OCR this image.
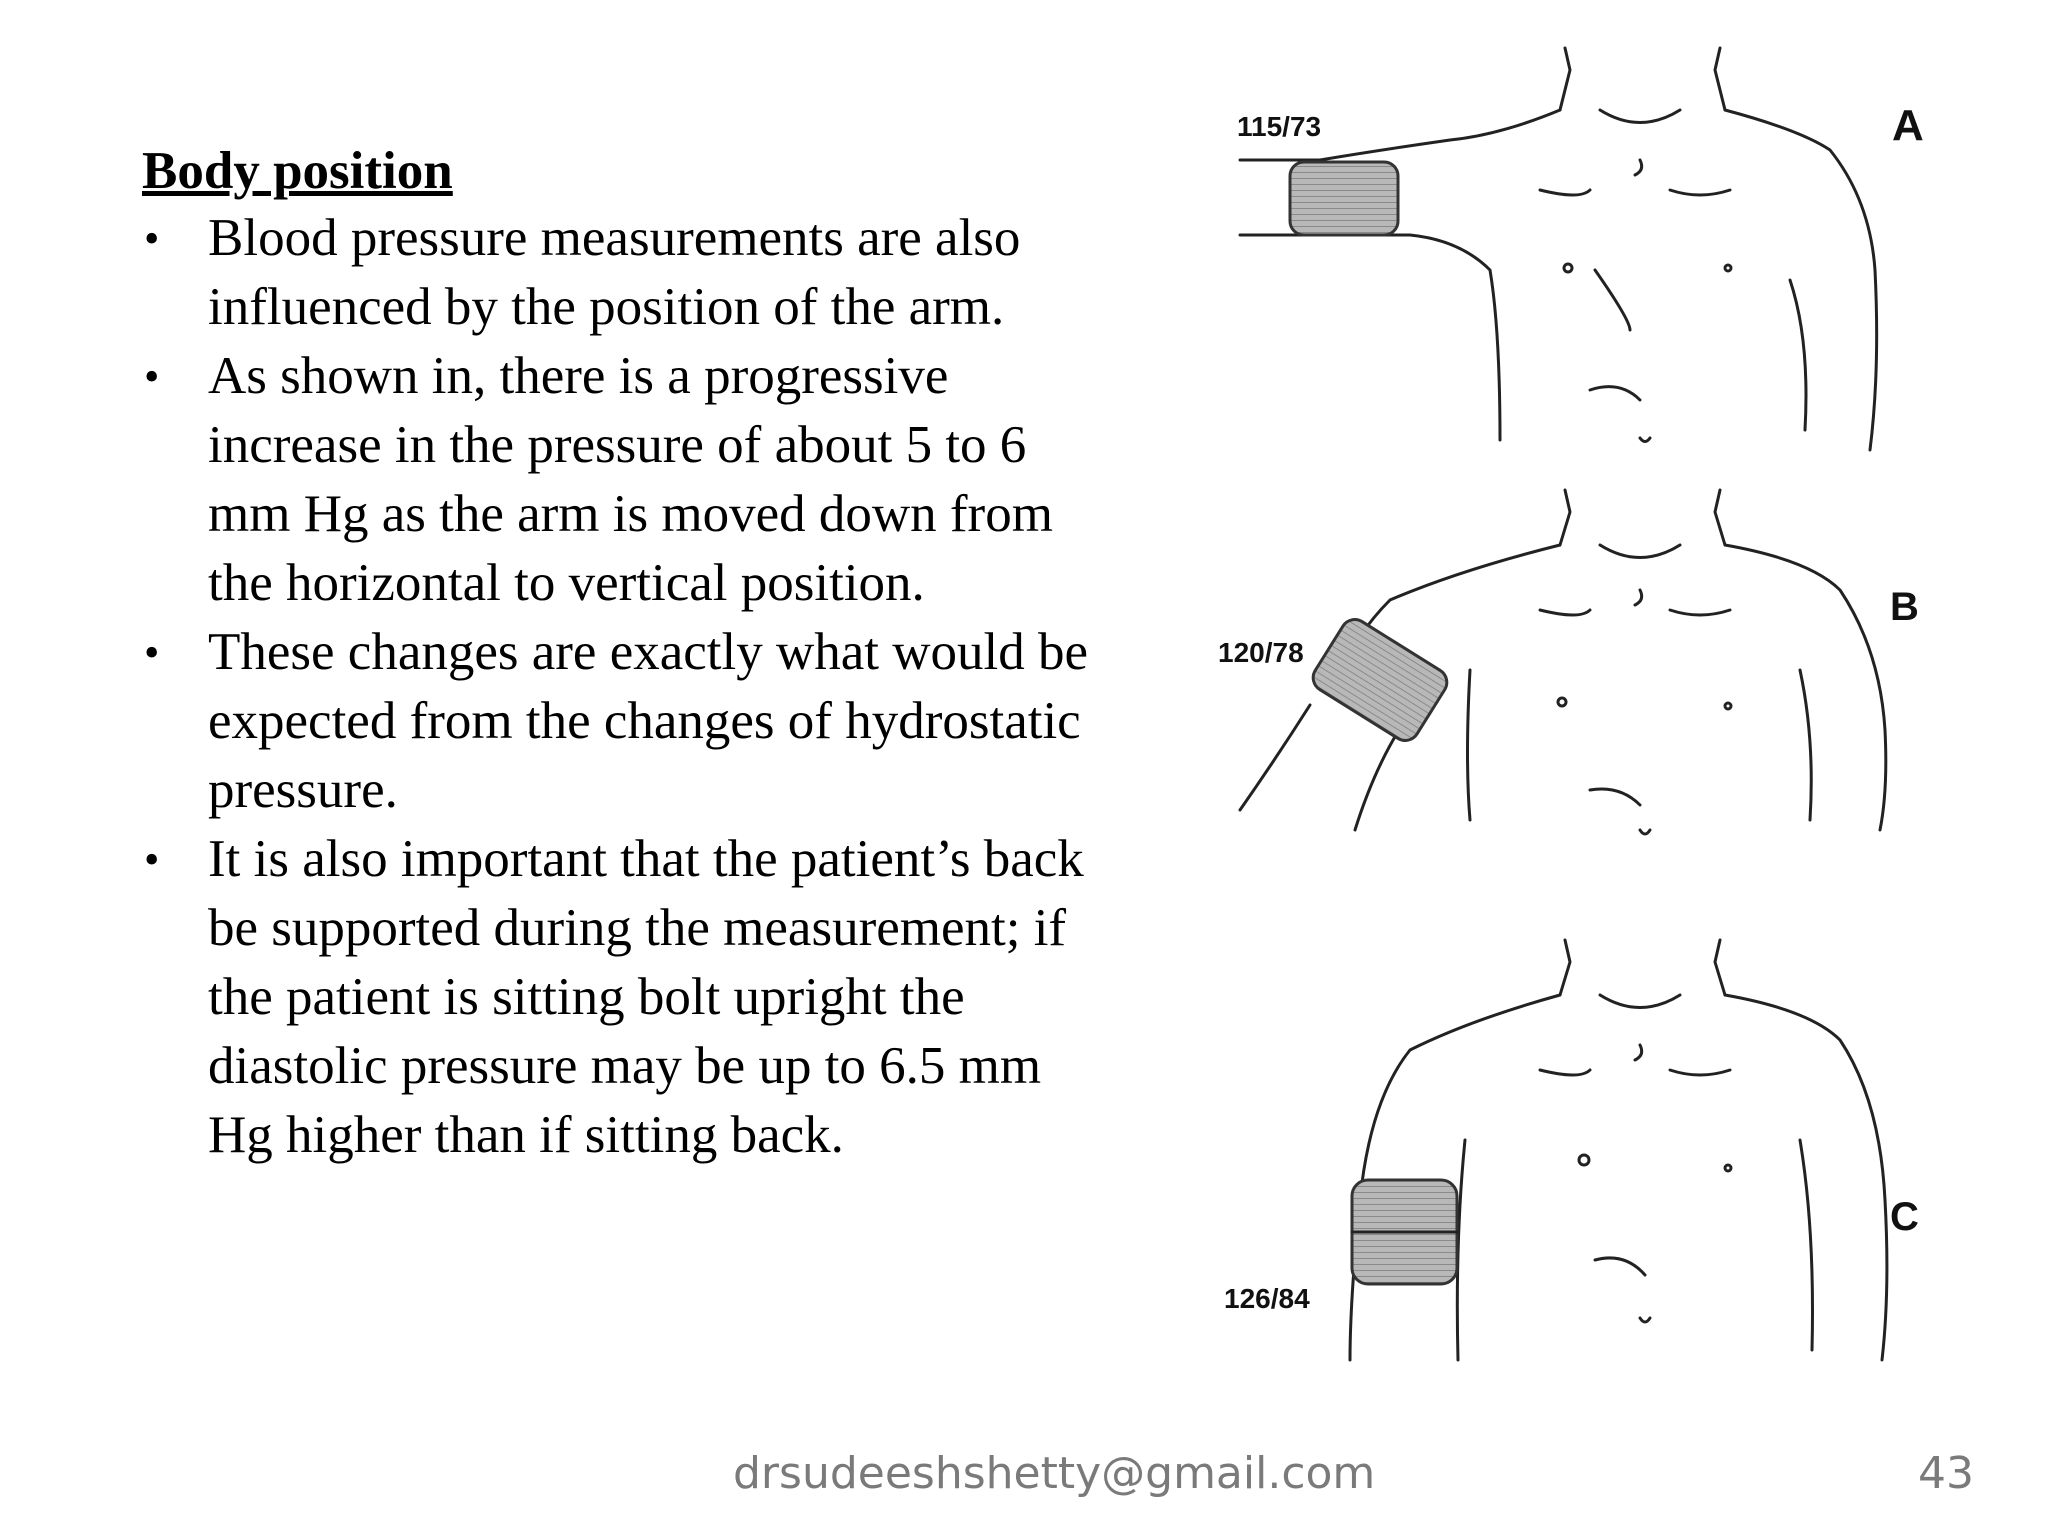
Body position
• Blood pressure measurements are also
influenced by the position of the arm.
• As shown in, there is a progressive
increase in the pressure of about 5 to 6
mm Hg as the arm is moved down from
the horizontal to vertical position.
• These changes are exactly what would be
expected from the changes of hydrostatic
pressure.
• It is also important that the patient’s back
be supported during the measurement; if
the patient is sitting bolt upright the
diastolic pressure may be up to 6.5 mm
Hg higher than if sitting back.
115/73	A
120/78
B
126/84
C
drsudeeshshetty@gmail.com	43
